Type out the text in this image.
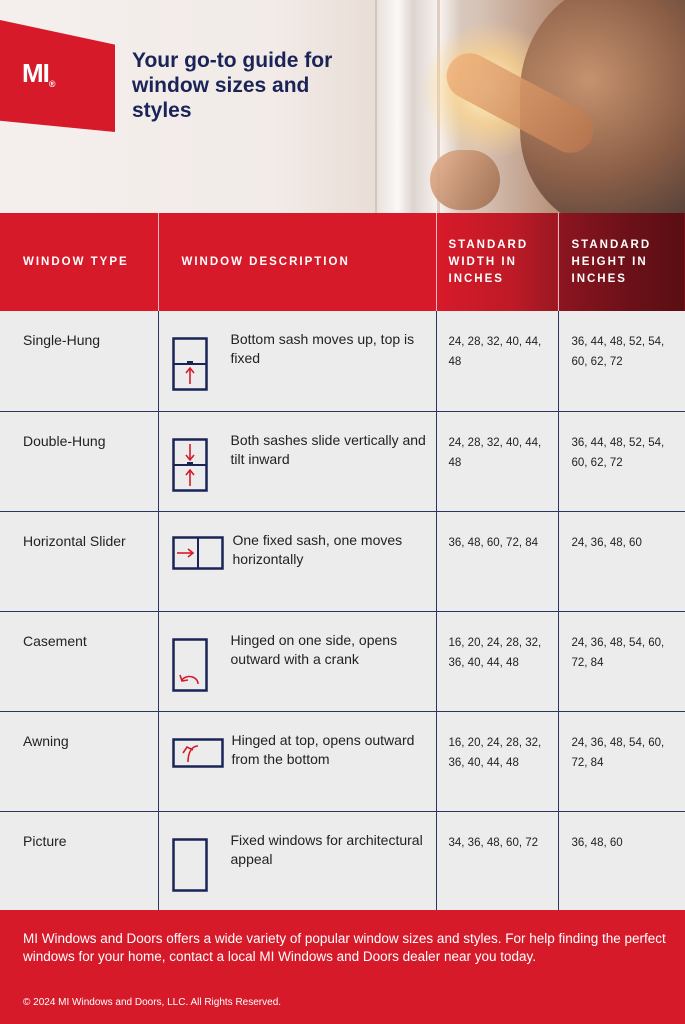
MI®
Your go-to guide for window sizes and styles
WINDOW TYPE	WINDOW DESCRIPTION	STANDARD WIDTH IN INCHES	STANDARD HEIGHT IN INCHES
Single-Hung	Bottom sash moves up, top is fixed	24, 28, 32, 40, 44, 48	36, 44, 48, 52, 54, 60, 62, 72
Double-Hung	Both sashes slide vertically and tilt inward	24, 28, 32, 40, 44, 48	36, 44, 48, 52, 54, 60, 62, 72
Horizontal Slider	One fixed sash, one moves horizontally	36, 48, 60, 72, 84	24, 36, 48, 60
Casement	Hinged on one side, opens outward with a crank	16, 20, 24, 28, 32, 36, 40, 44, 48	24, 36, 48, 54, 60, 72, 84
Awning	Hinged at top, opens outward from the bottom	16, 20, 24, 28, 32, 36, 40, 44, 48	24, 36, 48, 54, 60, 72, 84
Picture	Fixed windows for architectural appeal	34, 36, 48, 60, 72	36, 48, 60
MI Windows and Doors offers a wide variety of popular window sizes and styles. For help finding the perfect windows for your home, contact a local MI Windows and Doors dealer near you today.
© 2024 MI Windows and Doors, LLC. All Rights Reserved.
